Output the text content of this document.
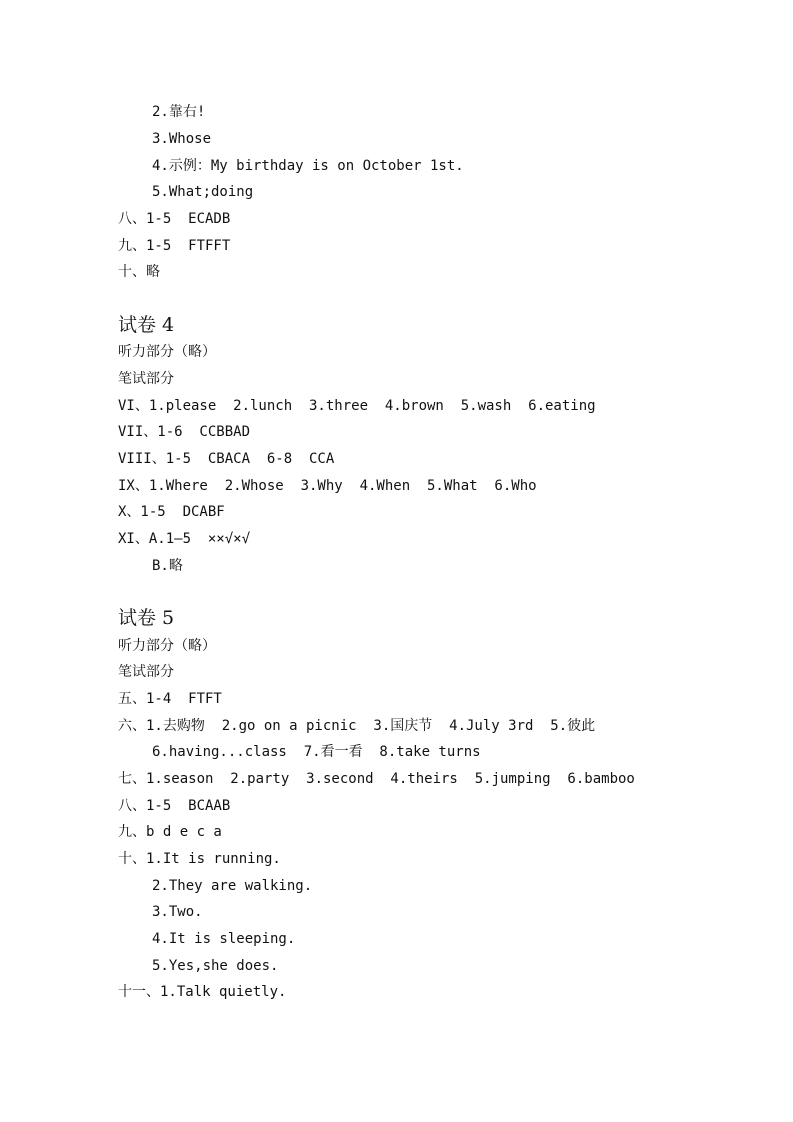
2.靠右!
3.Whose
4.示例：My birthday is on October 1st.
5.What;doing
八、1-5  ECADB
九、1-5  FTFFT
十、略
试卷 4
听力部分（略）
笔试部分
VI、1.please  2.lunch  3.three  4.brown  5.wash  6.eating
VII、1-6  CCBBAD
VIII、1-5  CBACA  6-8  CCA
IX、1.Where  2.Whose  3.Why  4.When  5.What  6.Who
X、1-5  DCABF
XI、A.1—5  ××√×√
B.略
试卷 5
听力部分（略）
笔试部分
五、1-4  FTFT
六、1.去购物  2.go on a picnic  3.国庆节  4.July 3rd  5.彼此
6.having...class  7.看一看  8.take turns
七、1.season  2.party  3.second  4.theirs  5.jumping  6.bamboo
八、1-5  BCAAB
九、b d e c a
十、1.It is running.
2.They are walking.
3.Two.
4.It is sleeping.
5.Yes,she does.
十一、1.Talk quietly.
